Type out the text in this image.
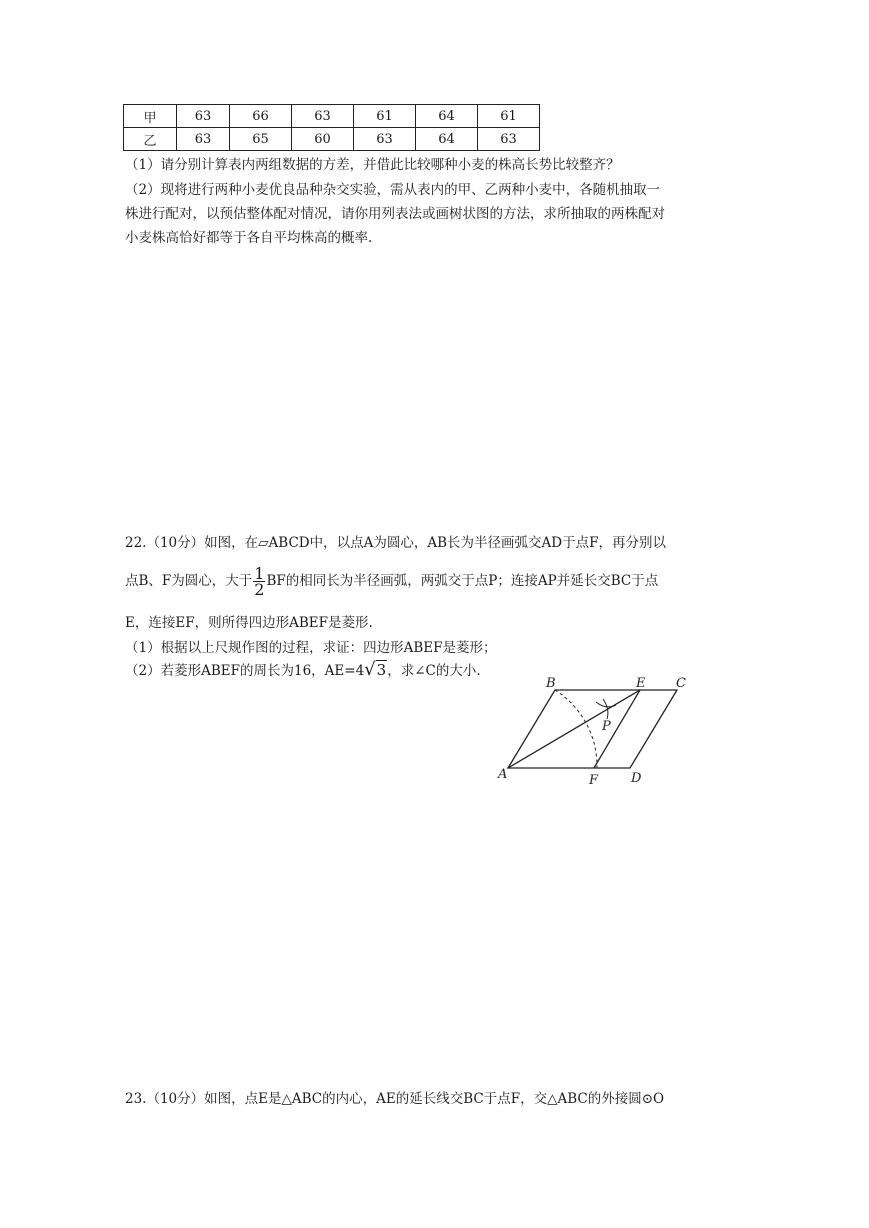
甲	63	66	63	61	64	61
乙	63	65	60	63	64	63
（1）请分别计算表内两组数据的方差，并借此比较哪种小麦的株高长势比较整齐？
（2）现将进行两种小麦优良品种杂交实验，需从表内的甲、乙两种小麦中，各随机抽取一
株进行配对，以预估整体配对情况，请你用列表法或画树状图的方法，求所抽取的两株配对
小麦株高恰好都等于各自平均株高的概率.
22.（10分）如图，在▱ABCD中，以点A为圆心，AB长为半径画弧交AD于点F，再分别以
点B、F为圆心，大于 $\frac{1}{2}$ BF的相同长为半径画弧，两弧交于点P；连接AP并延长交BC于点
E，连接EF，则所得四边形ABEF是菱形.
（1）根据以上尺规作图的过程，求证：四边形ABEF是菱形；
（2）若菱形ABEF的周长为16，AE=4√3，求∠C的大小.
B	E C
P
A	F	D
23.（10分）如图，点E是△ABC的内心，AE的延长线交BC于点F，交△ABC的外接圆⊙O
